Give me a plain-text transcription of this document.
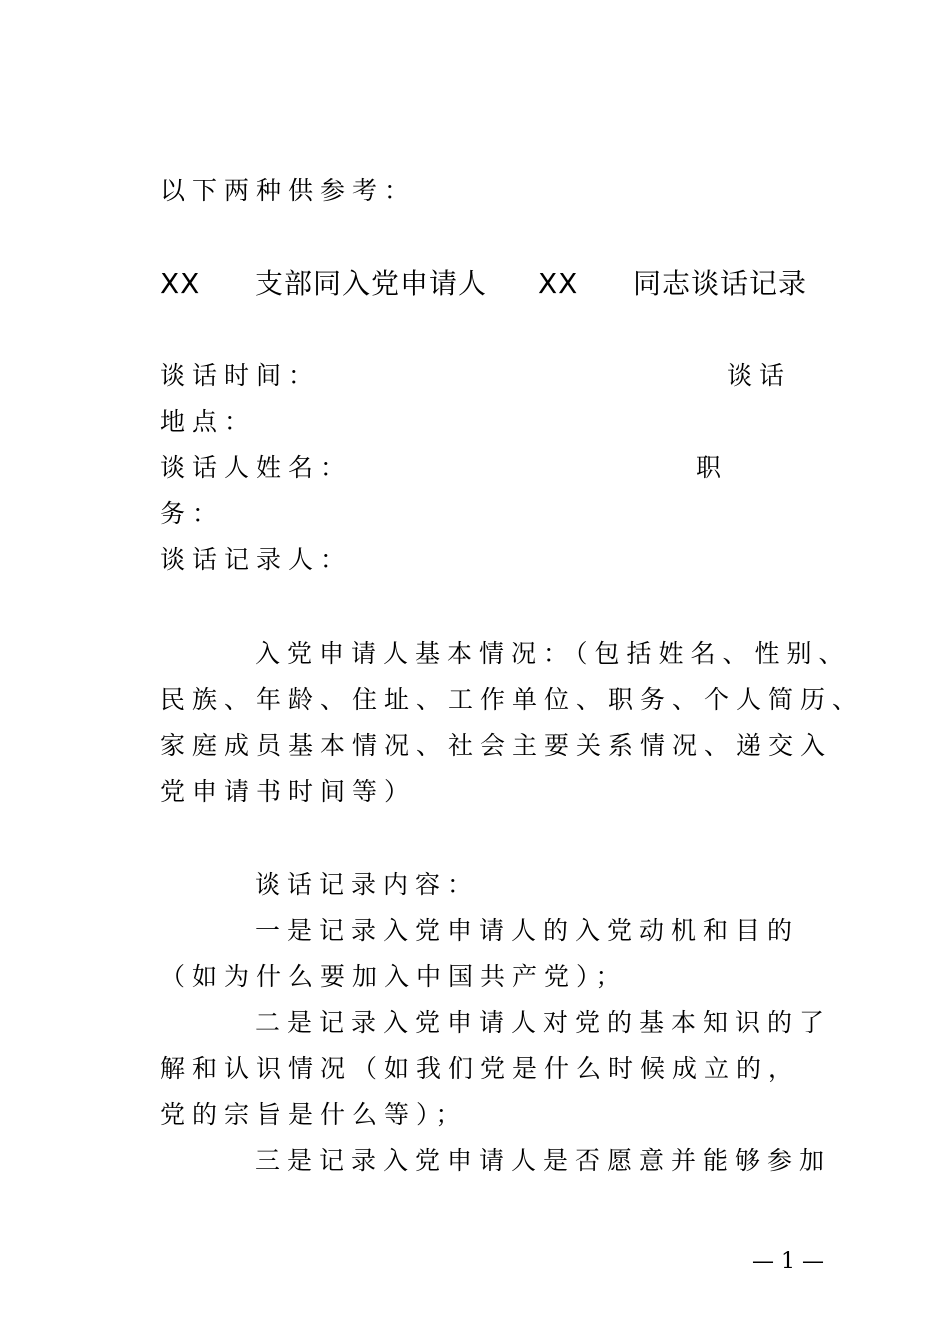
以下两种供参考：
XX 支部同入党申请人 XX 同志谈话记录
谈话时间：	谈话
地点：
谈话人姓名：	职
务：
谈话记录人：
入党申请人基本情况：（包括姓名、性别、
民族、年龄、住址、工作单位、职务、个人简历、
家庭成员基本情况、社会主要关系情况、递交入
党申请书时间等）
谈话记录内容：
一是记录入党申请人的入党动机和目的
（如为什么要加入中国共产党）；
二是记录入党申请人对党的基本知识的了
解和认识情况（如我们党是什么时候成立的，
党的宗旨是什么等）；
三是记录入党申请人是否愿意并能够参加
— 1 —
